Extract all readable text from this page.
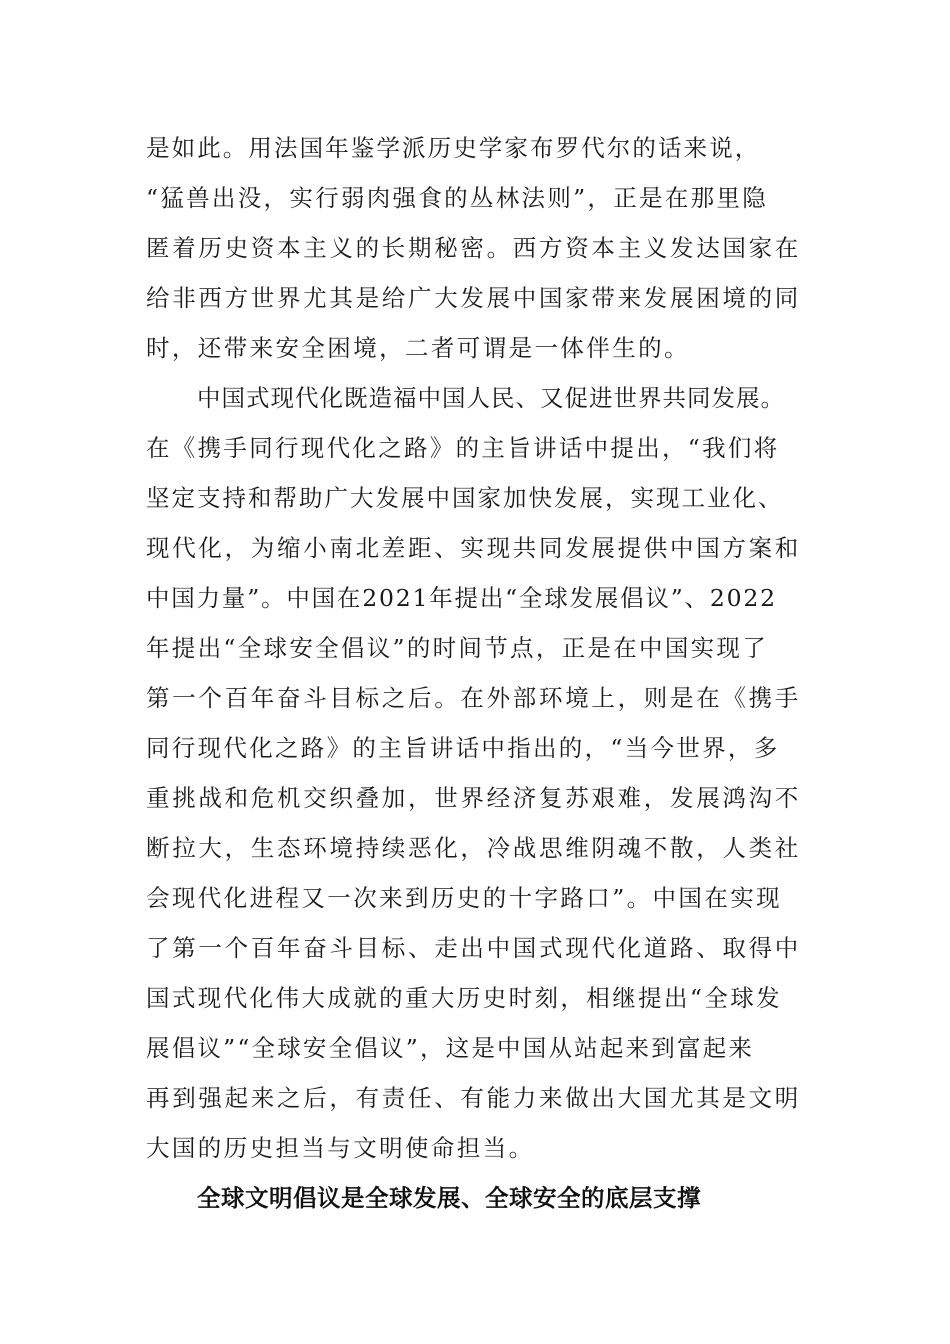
是如此。用法国年鉴学派历史学家布罗代尔的话来说，
“猛兽出没，实行弱肉强食的丛林法则”，正是在那里隐
匿着历史资本主义的长期秘密。西方资本主义发达国家在
给非西方世界尤其是给广大发展中国家带来发展困境的同
时，还带来安全困境，二者可谓是一体伴生的。
中国式现代化既造福中国人民、又促进世界共同发展。
在《携手同行现代化之路》的主旨讲话中提出，“我们将
坚定支持和帮助广大发展中国家加快发展，实现工业化、
现代化，为缩小南北差距、实现共同发展提供中国方案和
中国力量”。中国在2021年提出“全球发展倡议”、2022
年提出“全球安全倡议”的时间节点，正是在中国实现了
第一个百年奋斗目标之后。在外部环境上，则是在《携手
同行现代化之路》的主旨讲话中指出的，“当今世界，多
重挑战和危机交织叠加，世界经济复苏艰难，发展鸿沟不
断拉大，生态环境持续恶化，冷战思维阴魂不散，人类社
会现代化进程又一次来到历史的十字路口”。中国在实现
了第一个百年奋斗目标、走出中国式现代化道路、取得中
国式现代化伟大成就的重大历史时刻，相继提出“全球发
展倡议”“全球安全倡议”，这是中国从站起来到富起来
再到强起来之后，有责任、有能力来做出大国尤其是文明
大国的历史担当与文明使命担当。
全球文明倡议是全球发展、全球安全的底层支撑
